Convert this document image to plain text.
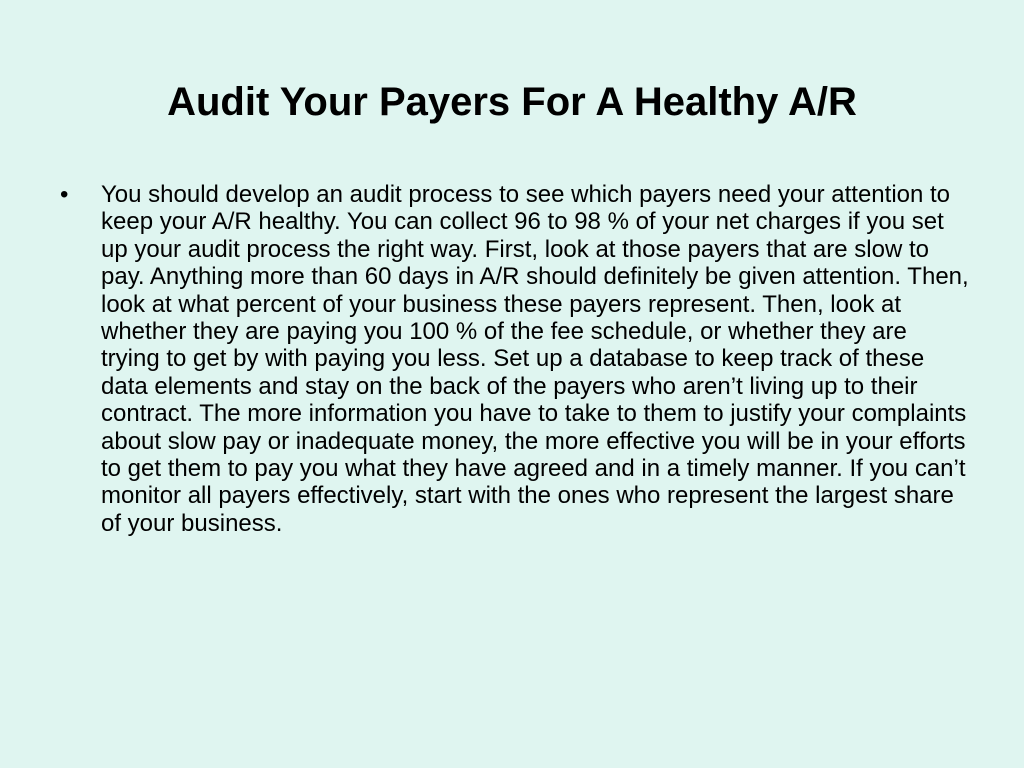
Audit Your Payers For A Healthy A/R
•	You should develop an audit process to see which payers need your attention to keep your A/R healthy. You can collect 96 to 98 % of your net charges if you set up your audit process the right way. First, look at those payers that are slow to pay. Anything more than 60 days in A/R should definitely be given attention. Then, look at what percent of your business these payers represent. Then, look at whether they are paying you 100 % of the fee schedule, or whether they are trying to get by with paying you less. Set up a database to keep track of these data elements and stay on the back of the payers who aren’t living up to their contract. The more information you have to take to them to justify your complaints about slow pay or inadequate money, the more effective you will be in your efforts to get them to pay you what they have agreed and in a timely manner. If you can’t monitor all payers effectively, start with the ones who represent the largest share of your business.
